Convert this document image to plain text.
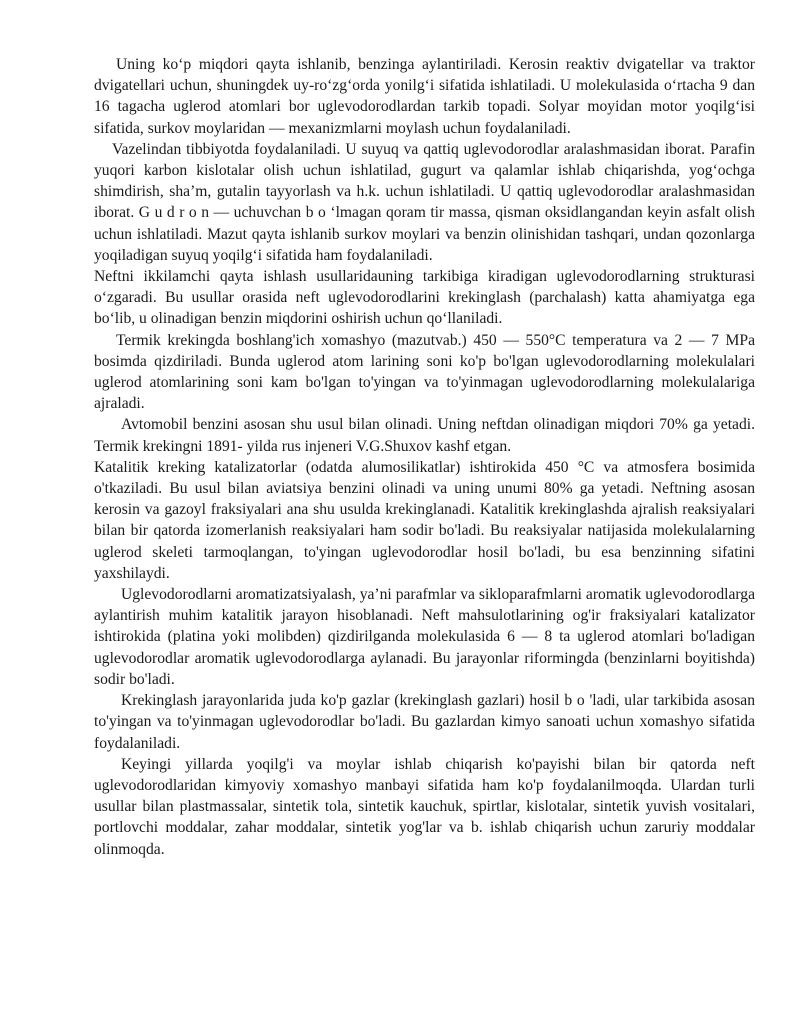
Uning koʻp miqdori qayta ishlanib, benzinga aylantiriladi. Kerosin reaktiv dvigatellar va traktor dvigatellari uchun, shuningdek uy-roʻzgʻorda yonilgʻi sifatida ishlatiladi. U molekulasida oʻrtacha 9 dan 16 tagacha uglerod atomlari bor uglevodorodlardan tarkib topadi. Solyar moyidan motor yoqilgʻisi sifatida, surkov moylaridan — mexanizmlarni moylash uchun foydalaniladi.

Vazelindan tibbiyotda foydalaniladi. U suyuq va qattiq uglevodorodlar aralashmasidan iborat. Parafin yuqori karbon kislotalar olish uchun ishlatilad, gugurt va qalamlar ishlab chiqarishda, yogʻochga shimdirish, sha’m, gutalin tayyorlash va h.k. uchun ishlatiladi. U qattiq uglevodorodlar aralashmasidan iborat. G u d r o n — uchuvchan b o ‘lmagan qoram tir massa, qisman oksidlangandan keyin asfalt olish uchun ishlatiladi. Mazut qayta ishlanib surkov moylari va benzin olinishidan tashqari, undan qozonlarga yoqiladigan suyuq yoqilgʻi sifatida ham foydalaniladi.

Neftni ikkilamchi qayta ishlash usullaridauning tarkibiga kiradigan uglevodorodlarning strukturasi oʻzgaradi. Bu usullar orasida neft uglevodorodlarini krekinglash (parchalash) katta ahamiyatga ega boʻlib, u olinadigan benzin miqdorini oshirish uchun qoʻllaniladi.

Termik krekingda boshlang'ich xomashyo (mazutvab.) 450 — 550°C temperatura va 2 — 7 MPa bosimda qizdiriladi. Bunda uglerod atom larining soni ko'p bo'lgan uglevodorodlarning molekulalari uglerod atomlarining soni kam bo'lgan to'yingan va to'yinmagan uglevodorodlarning molekulalariga ajraladi.

Avtomobil benzini asosan shu usul bilan olinadi. Uning neftdan olinadigan miqdori 70% ga yetadi. Termik krekingni 1891- yilda rus injeneri V.G.Shuxov kashf etgan.

Katalitik kreking katalizatorlar (odatda alumosilikatlar) ishtirokida 450 °C va atmosfera bosimida o'tkaziladi. Bu usul bilan aviatsiya benzini olinadi va uning unumi 80% ga yetadi. Neftning asosan kerosin va gazoyl fraksiyalari ana shu usulda krekinglanadi. Katalitik krekinglashda ajralish reaksiyalari bilan bir qatorda izomerlanish reaksiyalari ham sodir bo'ladi. Bu reaksiyalar natijasida molekulalarning uglerod skeleti tarmoqlangan, to'yingan uglevodorodlar hosil bo'ladi, bu esa benzinning sifatini yaxshilaydi.

Uglevodorodlarni aromatizatsiyalash, ya’ni parafmlar va sikloparafmlarni aromatik uglevodorodlarga aylantirish muhim katalitik jarayon hisoblanadi. Neft mahsulotlarining og'ir fraksiyalari katalizator ishtirokida (platina yoki molibden) qizdirilganda molekulasida 6 — 8 ta uglerod atomlari bo'ladigan uglevodorodlar aromatik uglevodorodlarga aylanadi. Bu jarayonlar riformingda (benzinlarni boyitishda) sodir bo'ladi.

Krekinglash jarayonlarida juda ko'p gazlar (krekinglash gazlari) hosil b o 'ladi, ular tarkibida asosan to'yingan va to'yinmagan uglevodorodlar bo'ladi. Bu gazlardan kimyo sanoati uchun xomashyo sifatida foydalaniladi.

Keyingi yillarda yoqilg'i va moylar ishlab chiqarish ko'payishi bilan bir qatorda neft uglevodorodlaridan kimyoviy xomashyo manbayi sifatida ham ko'p foydalanilmoqda. Ulardan turli usullar bilan plastmassalar, sintetik tola, sintetik kauchuk, spirtlar, kislotalar, sintetik yuvish vositalari, portlovchi moddalar, zahar moddalar, sintetik yog'lar va b. ishlab chiqarish uchun zaruriy moddalar olinmoqda.
